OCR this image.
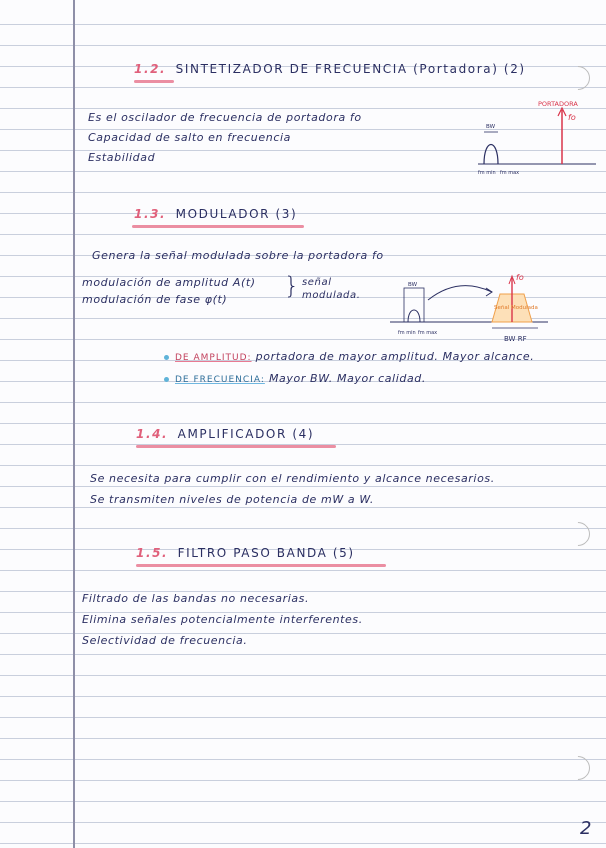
1.2. SINTETIZADOR DE FRECUENCIA (Portadora) (2)
Es el oscilador de frecuencia de portadora fo
Capacidad de salto en frecuencia
Estabilidad
PORTADORA
fo
BW
fm min fm max
1.3. MODULADOR (3)
Genera la señal modulada sobre la portadora fo
modulación de amplitud A(t)
modulación de fase φ(t) } señal modulada.
BW
fo
Señal Modulada
BW RF
fm min fm max
DE AMPLITUD: portadora de mayor amplitud. Mayor alcance.
DE FRECUENCIA: Mayor BW. Mayor calidad.
1.4. AMPLIFICADOR (4)
Se necesita para cumplir con el rendimiento y alcance necesarios.
Se transmiten niveles de potencia de mW a W.
1.5. FILTRO PASO BANDA (5)
Filtrado de las bandas no necesarias.
Elimina señales potencialmente interferentes.
Selectividad de frecuencia.
2
